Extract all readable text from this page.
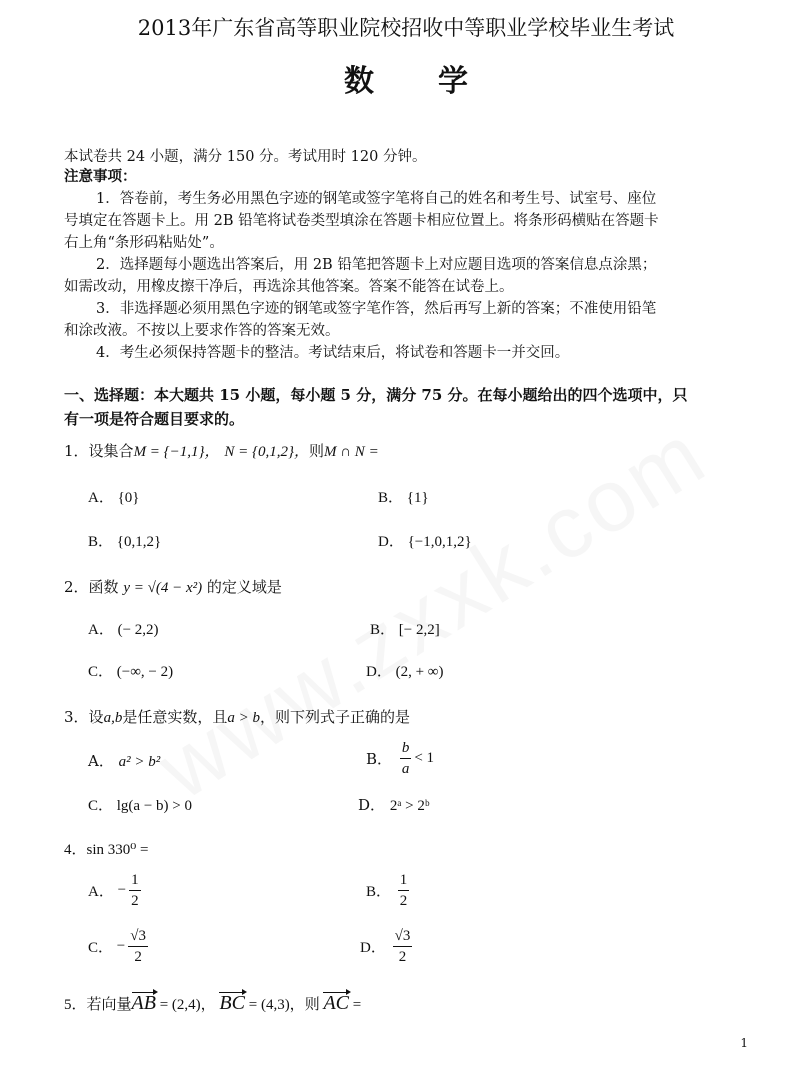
2013年广东省高等职业院校招收中等职业学校毕业生考试
数学
本试卷共 24 小题，满分 150 分。考试用时 120 分钟。
注意事项：
1．答卷前，考生务必用黑色字迹的钢笔或签字笔将自己的姓名和考生号、试室号、座位
号填定在答题卡上。用 2B 铅笔将试卷类型填涂在答题卡相应位置上。将条形码横贴在答题卡
右上角“条形码粘贴处”。
2．选择题每小题选出答案后，用 2B 铅笔把答题卡上对应题目选项的答案信息点涂黑；
如需改动，用橡皮擦干净后，再选涂其他答案。答案不能答在试卷上。
3．非选择题必须用黑色字迹的钢笔或签字笔作答，然后再写上新的答案；不准使用铅笔
和涂改液。不按以上要求作答的答案无效。
4．考生必须保持答题卡的整洁。考试结束后，将试卷和答题卡一并交回。
一、选择题：本大题共 15 小题，每小题 5 分，满分 75 分。在每小题给出的四个选项中，只
有一项是符合题目要求的。
1．设集合M = {−1,1}， N = {0,1,2}，则M ∩ N =
A． {0}	B． {1}
B． {0,1,2}	D． {−1,0,1,2}
2．函数 y = √(4 − x²) 的定义域是
A． (− 2,2)	B． [− 2,2]
C． (−∞, − 2)	D． (2, + ∞)
3．设a,b是任意实数，且a > b，则下列式子正确的是
A． a² > b²	B． $\frac{b}{a} < 1$
C． lg(a − b) > 0	D． 2ᵃ > 2ᵇ
4．sin 330⁰ =
A． − $\frac{1}{2}$	B． $\frac{1}{2}$
C． − $\frac{√3}{2}$	D． $\frac{√3}{2}$
5．若向量AB = (2,4)， BC = (4,3)，则 AC =
1
